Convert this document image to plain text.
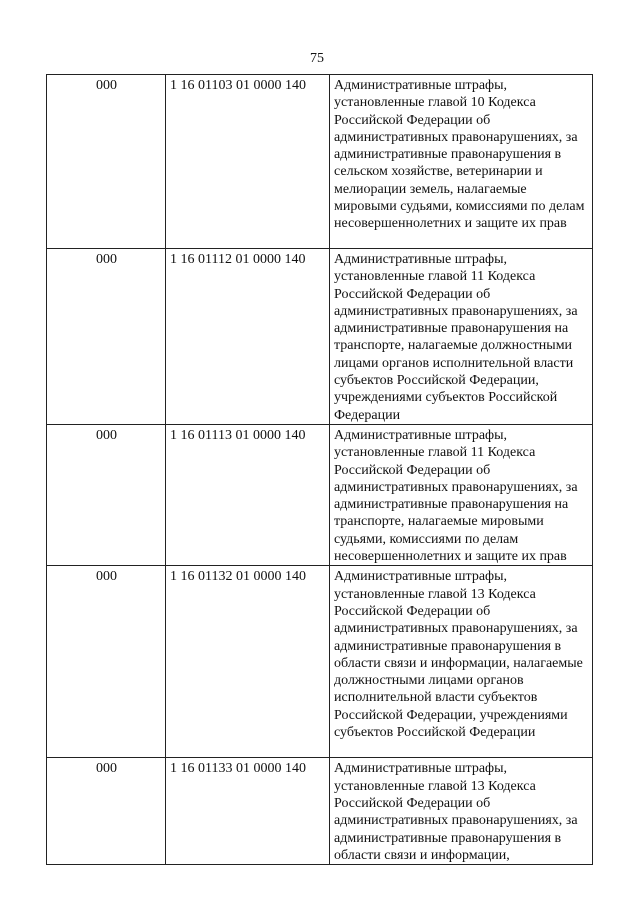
75
000	1 16 01103 01 0000 140	Административные штрафы, установленные главой 10 Кодекса Российской Федерации об административных правонарушениях, за административные правонарушения в сельском хозяйстве, ветеринарии и мелиорации земель, налагаемые мировыми судьями, комиссиями по делам несовершеннолетних и защите их прав
000	1 16 01112 01 0000 140	Административные штрафы, установленные главой 11 Кодекса Российской Федерации об административных правонарушениях, за административные правонарушения на транспорте, налагаемые должностными лицами органов исполнительной власти субъектов Российской Федерации, учреждениями субъектов Российской Федерации
000	1 16 01113 01 0000 140	Административные штрафы, установленные главой 11 Кодекса Российской Федерации об административных правонарушениях, за административные правонарушения на транспорте, налагаемые мировыми судьями, комиссиями по делам несовершеннолетних и защите их прав
000	1 16 01132 01 0000 140	Административные штрафы, установленные главой 13 Кодекса Российской Федерации об административных правонарушениях, за административные правонарушения в области связи и информации, налагаемые должностными лицами органов исполнительной власти субъектов Российской Федерации, учреждениями субъектов Российской Федерации
000	1 16 01133 01 0000 140	Административные штрафы, установленные главой 13 Кодекса Российской Федерации об административных правонарушениях, за административные правонарушения в области связи и информации,
